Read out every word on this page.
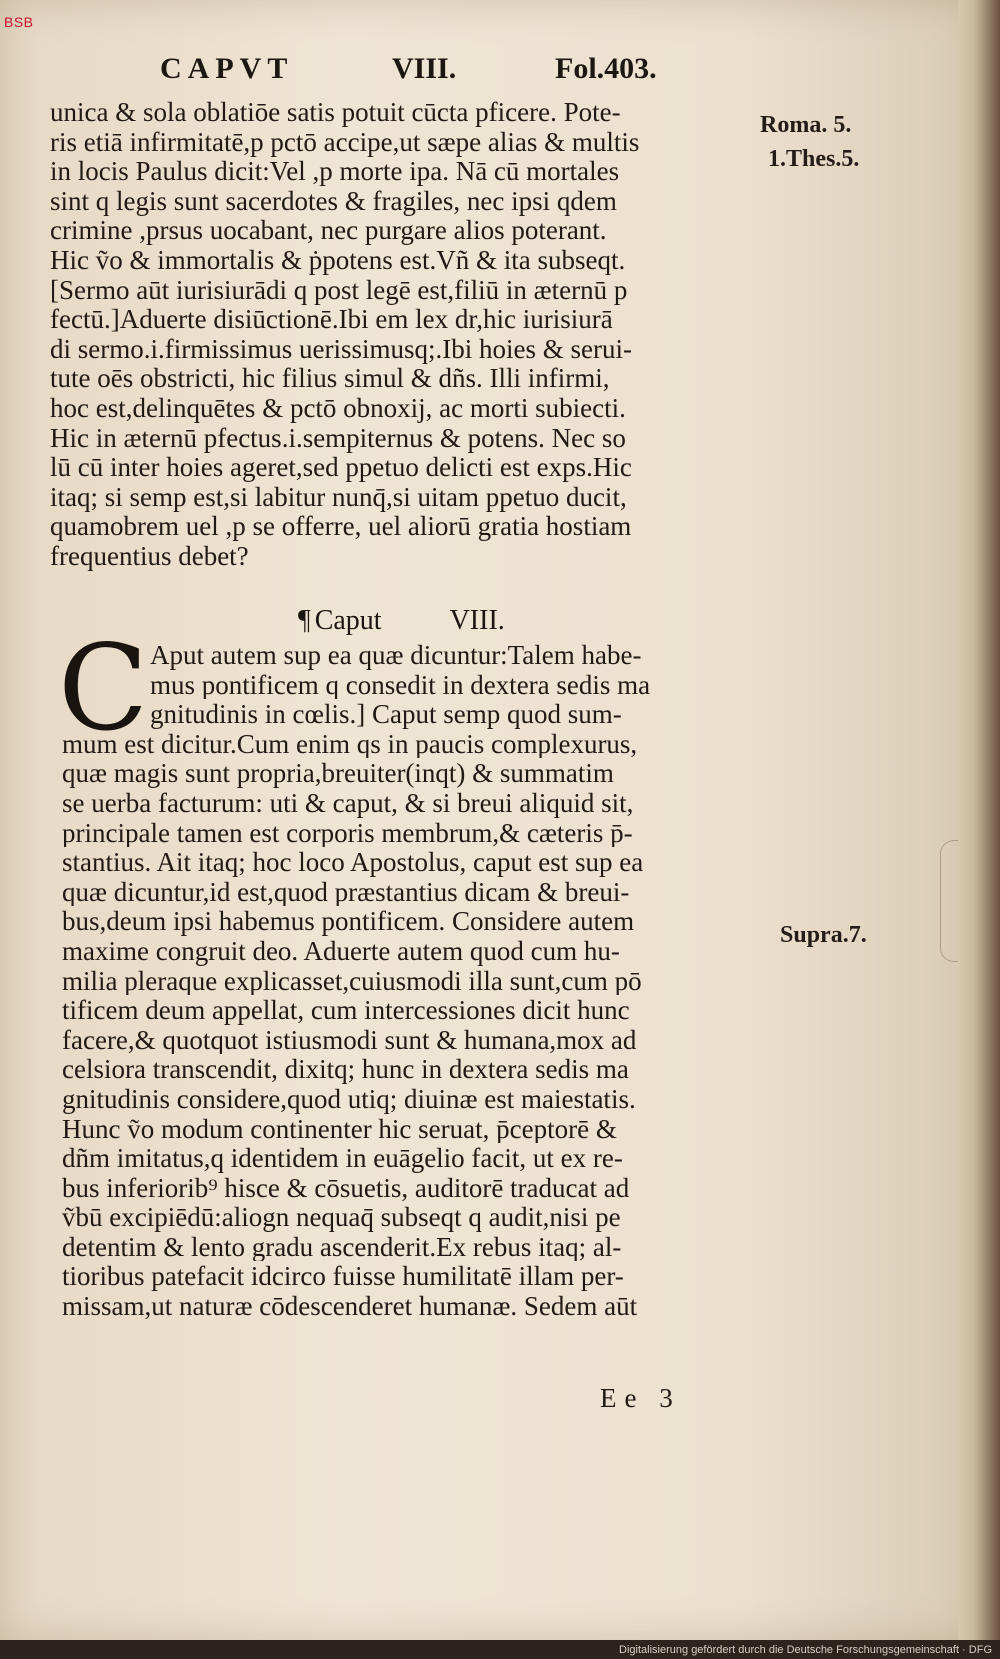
BSB
CAPVT	VIII.	Fol.403.
unica & sola oblatiōe satis potuit cūcta pficere. Pote-
ris etiā infirmitatē,p pctō accipe,ut sæpe alias & multis
in locis Paulus dicit:Vel ,p morte ipa. Nā cū mortales
sint q legis sunt sacerdotes & fragiles, nec ipsi qdem
crimine ,prsus uocabant, nec purgare alios poterant.
Hic ṽo & immortalis & ṗpotens est.Vñ & ita subseqt.
[Sermo aūt iurisiurādi q post legē est,filiū in æternū p
fectū.]Aduerte disiūctionē.Ibi em lex dr,hic iurisiurā
di sermo.i.firmissimus uerissimusq;.Ibi hoies & serui-
tute oēs obstricti, hic filius simul & dñs. Illi infirmi,
hoc est,delinquētes & pctō obnoxij, ac morti subiecti.
Hic in æternū pfectus.i.sempiternus & potens. Nec so
lū cū inter hoies ageret,sed ppetuo delicti est exps.Hic
itaq; si semp est,si labitur nunq̄,si uitam ppetuo ducit,
quamobrem uel ,p se offerre, uel aliorū gratia hostiam
frequentius debet?
¶ Caput VIII.
C Aput autem sup ea quæ dicuntur:Talem habe-
mus pontificem q consedit in dextera sedis ma
gnitudinis in cœlis.] Caput semp quod sum-
mum est dicitur.Cum enim qs in paucis complexurus,
quæ magis sunt propria,breuiter(inqt) & summatim
se uerba facturum: uti & caput, & si breui aliquid sit,
principale tamen est corporis membrum,& cæteris p̄-
stantius. Ait itaq; hoc loco Apostolus, caput est sup ea
quæ dicuntur,id est,quod præstantius dicam & breui-
bus,deum ipsi habemus pontificem. Considere autem
maxime congruit deo. Aduerte autem quod cum hu-
milia pleraque explicasset,cuiusmodi illa sunt,cum pō
tificem deum appellat, cum intercessiones dicit hunc
facere,& quotquot istiusmodi sunt & humana,mox ad
celsiora transcendit, dixitq; hunc in dextera sedis ma
gnitudinis considere,quod utiq; diuinæ est maiestatis.
Hunc ṽo modum continenter hic seruat, p̄ceptorē &
dñm imitatus,q identidem in euāgelio facit, ut ex re-
bus inferiorib⁹ hisce & cōsuetis, auditorē traducat ad
ṽbū excipiēdū:aliogn nequaq̄ subseqt q audit,nisi pe
detentim & lento gradu ascenderit.Ex rebus itaq; al-
tioribus patefacit idcirco fuisse humilitatē illam per-
missam,ut naturæ cōdescenderet humanæ. Sedem aūt
Roma. 5.
1.Thes.5.
Supra.7.
Ee 3
Digitalisierung gefördert durch die Deutsche Forschungsgemeinschaft · DFG
